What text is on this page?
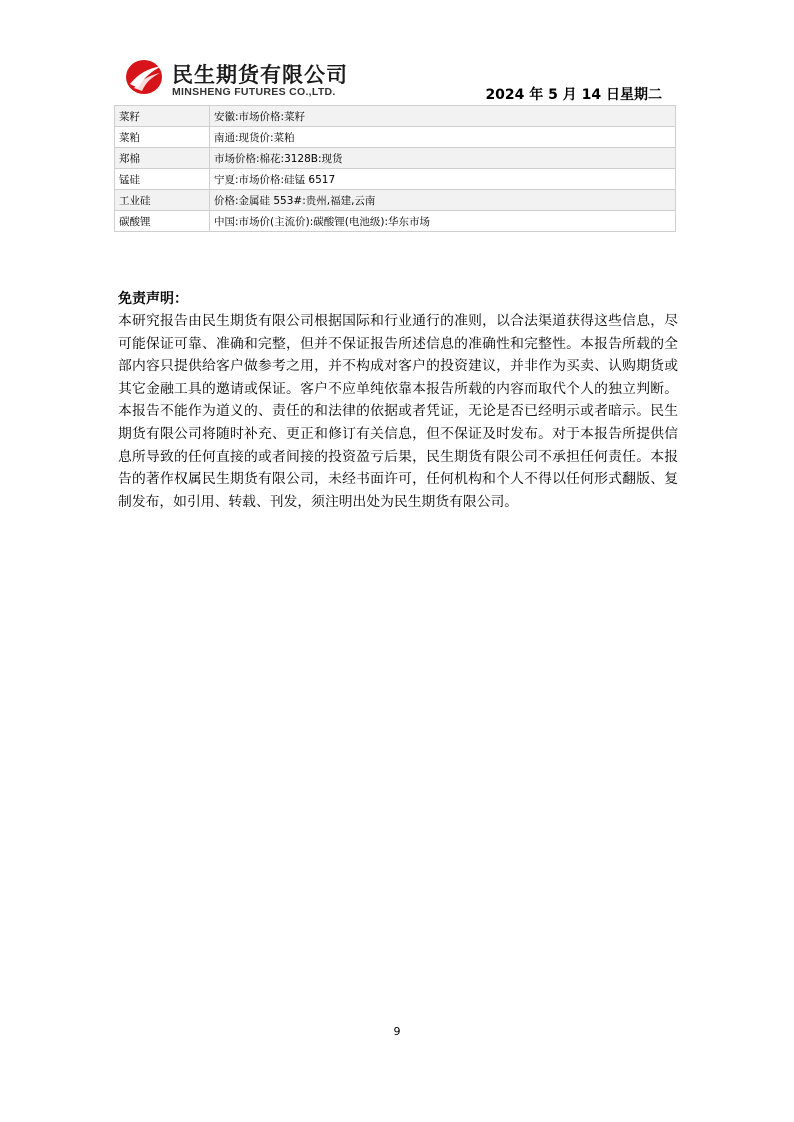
民生期货有限公司
MINSHENG FUTURES CO.,LTD.	2024 年 5 月 14 日星期二
菜籽	安徽:市场价格:菜籽
菜粕	南通:现货价:菜粕
郑棉	市场价格:棉花:3128B:现货
锰硅	宁夏:市场价格:硅锰 6517
工业硅	价格:金属硅 553#:贵州,福建,云南
碳酸锂	中国:市场价(主流价):碳酸锂(电池级):华东市场

免责声明：

本研究报告由民生期货有限公司根据国际和行业通行的准则，以合法渠道获得这些信息，尽可能保证可靠、准确和完整，但并不保证报告所述信息的准确性和完整性。本报告所载的全部内容只提供给客户做参考之用，并不构成对客户的投资建议，并非作为买卖、认购期货或其它金融工具的邀请或保证。客户不应单纯依靠本报告所载的内容而取代个人的独立判断。本报告不能作为道义的、责任的和法律的依据或者凭证，无论是否已经明示或者暗示。民生期货有限公司将随时补充、更正和修订有关信息，但不保证及时发布。对于本报告所提供信息所导致的任何直接的或者间接的投资盈亏后果，民生期货有限公司不承担任何责任。本报告的著作权属民生期货有限公司，未经书面许可，任何机构和个人不得以任何形式翻版、复制发布，如引用、转载、刊发，须注明出处为民生期货有限公司。

9
